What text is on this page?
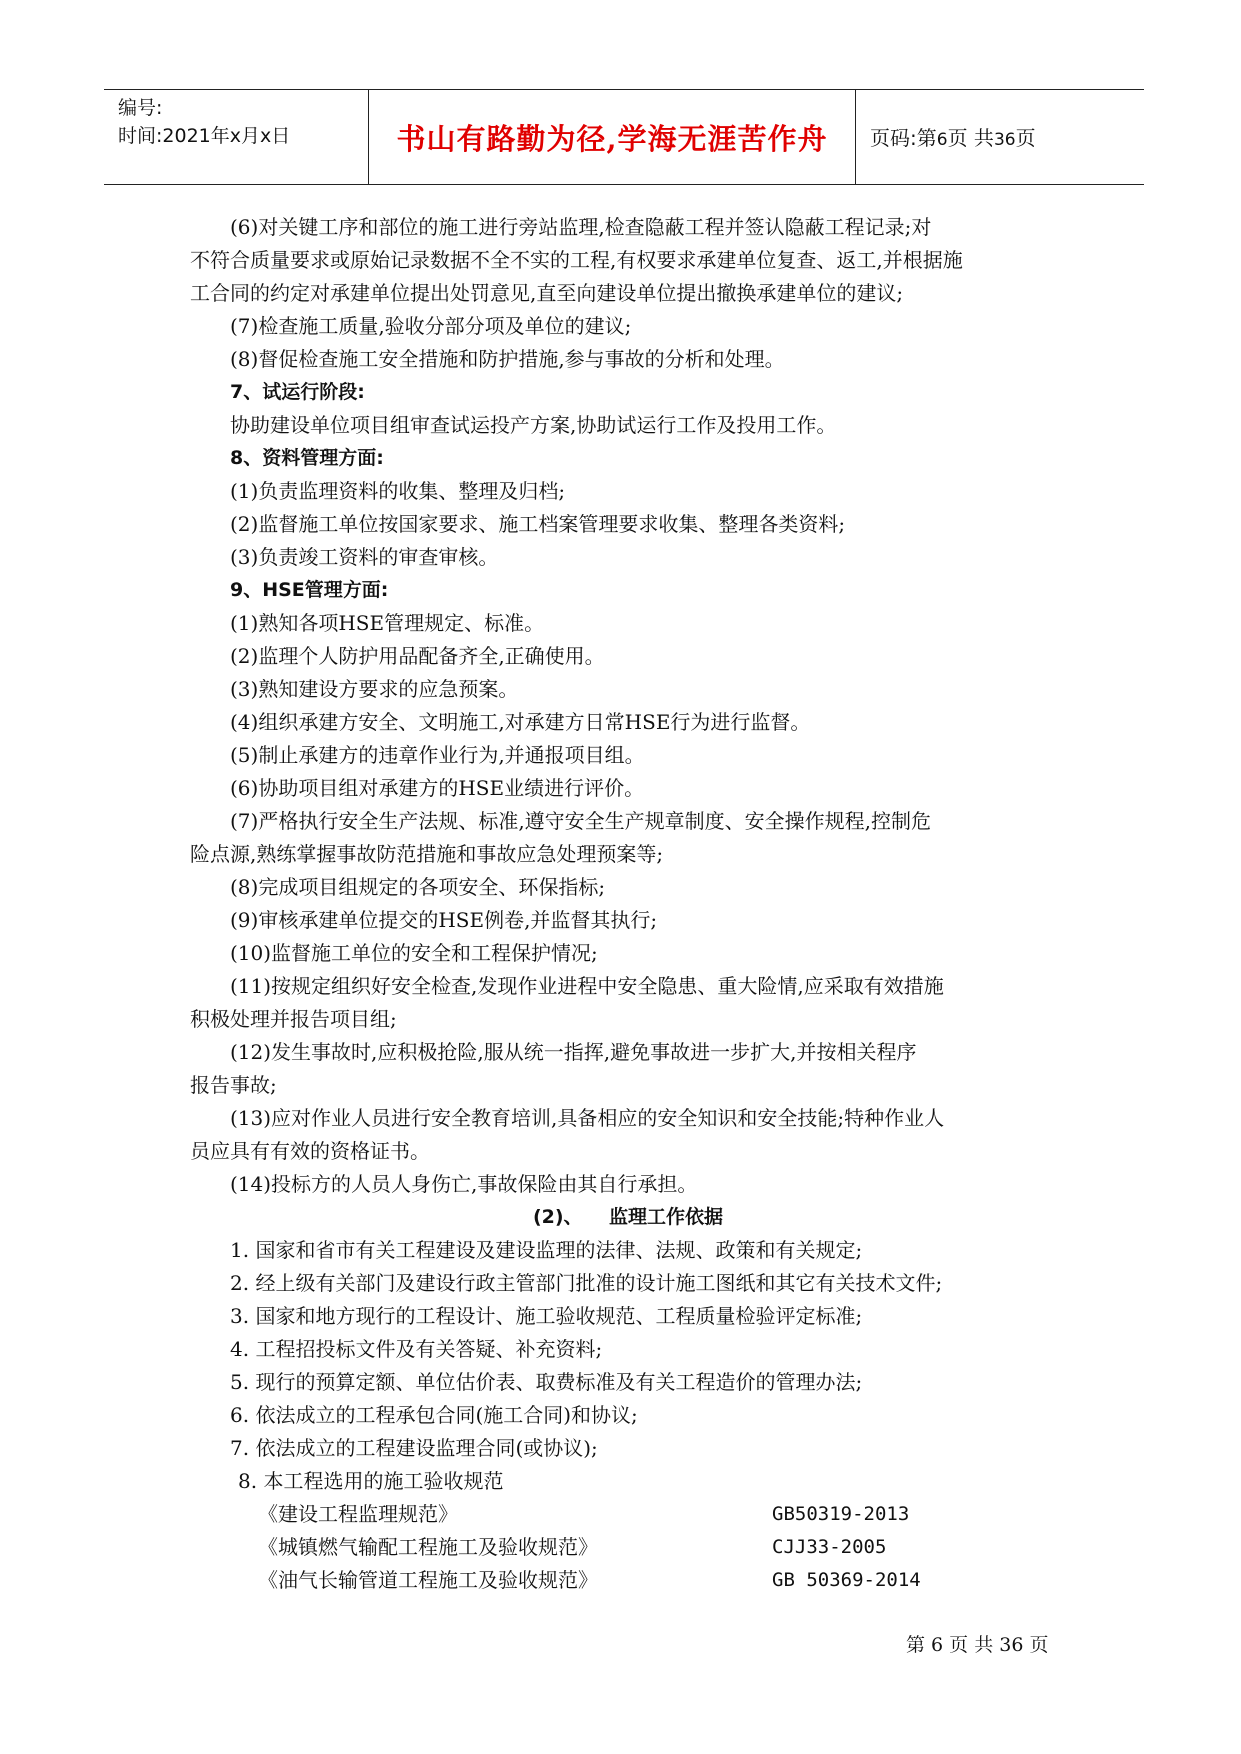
编号:
时间:2021年x月x日	书山有路勤为径,学海无涯苦作舟	页码:第6页 共36页
(6)对关键工序和部位的施工进行旁站监理,检查隐蔽工程并签认隐蔽工程记录;对
不符合质量要求或原始记录数据不全不实的工程,有权要求承建单位复查、返工,并根据施
工合同的约定对承建单位提出处罚意见,直至向建设单位提出撤换承建单位的建议;
(7)检查施工质量,验收分部分项及单位的建议;
(8)督促检查施工安全措施和防护措施,参与事故的分析和处理。
7、试运行阶段:
协助建设单位项目组审查试运投产方案,协助试运行工作及投用工作。
8、资料管理方面:
(1)负责监理资料的收集、整理及归档;
(2)监督施工单位按国家要求、施工档案管理要求收集、整理各类资料;
(3)负责竣工资料的审查审核。
9、HSE管理方面:
(1)熟知各项HSE管理规定、标准。
(2)监理个人防护用品配备齐全,正确使用。
(3)熟知建设方要求的应急预案。
(4)组织承建方安全、文明施工,对承建方日常HSE行为进行监督。
(5)制止承建方的违章作业行为,并通报项目组。
(6)协助项目组对承建方的HSE业绩进行评价。
(7)严格执行安全生产法规、标准,遵守安全生产规章制度、安全操作规程,控制危
险点源,熟练掌握事故防范措施和事故应急处理预案等;
(8)完成项目组规定的各项安全、环保指标;
(9)审核承建单位提交的HSE例卷,并监督其执行;
(10)监督施工单位的安全和工程保护情况;
(11)按规定组织好安全检查,发现作业进程中安全隐患、重大险情,应采取有效措施
积极处理并报告项目组;
(12)发生事故时,应积极抢险,服从统一指挥,避免事故进一步扩大,并按相关程序
报告事故;
(13)应对作业人员进行安全教育培训,具备相应的安全知识和安全技能;特种作业人
员应具有有效的资格证书。
(14)投标方的人员人身伤亡,事故保险由其自行承担。
(2)、    监理工作依据
1. 国家和省市有关工程建设及建设监理的法律、法规、政策和有关规定;
2. 经上级有关部门及建设行政主管部门批准的设计施工图纸和其它有关技术文件;
3. 国家和地方现行的工程设计、施工验收规范、工程质量检验评定标准;
4. 工程招投标文件及有关答疑、补充资料;
5. 现行的预算定额、单位估价表、取费标准及有关工程造价的管理办法;
6. 依法成立的工程承包合同(施工合同)和协议;
7. 依法成立的工程建设监理合同(或协议);
8. 本工程选用的施工验收规范
《建设工程监理规范》	GB50319-2013
《城镇燃气输配工程施工及验收规范》	CJJ33-2005
《油气长输管道工程施工及验收规范》	GB 50369-2014
第 6 页 共 36 页
